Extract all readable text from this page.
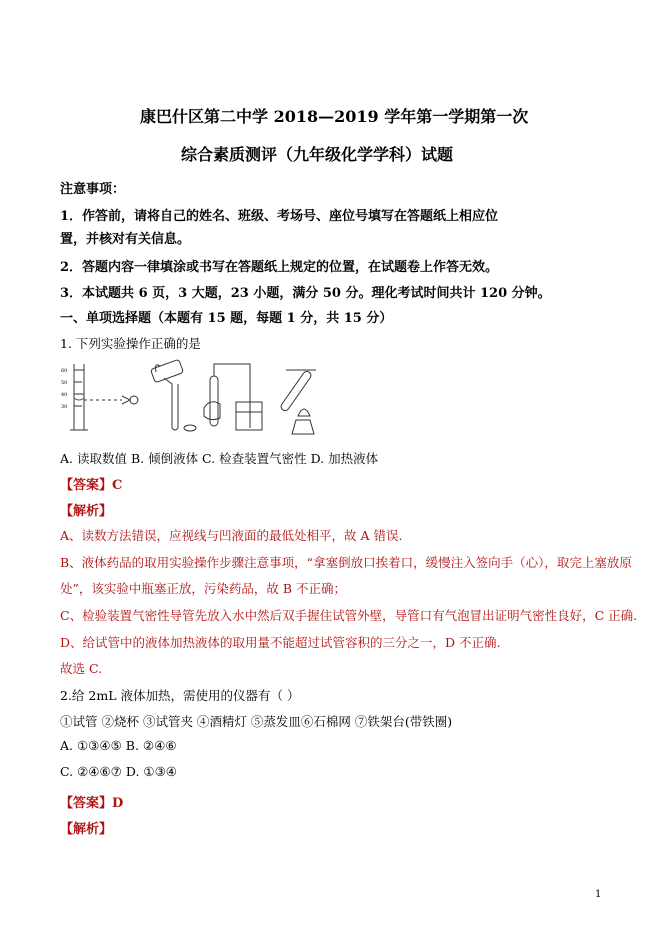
康巴什区第二中学 2018—2019 学年第一学期第一次
综合素质测评（九年级化学学科）试题
注意事项：
1．作答前，请将自己的姓名、班级、考场号、座位号填写在答题纸上相应位
置，并核对有关信息。
2．答题内容一律填涂或书写在答题纸上规定的位置，在试题卷上作答无效。
3．本试题共 6 页，3 大题，23 小题，满分 50 分。理化考试时间共计 120 分钟。
一、单项选择题（本题有 15 题，每题 1 分，共 15 分）
1. 下列实验操作正确的是
60
50
40
30
A. 读取数值 B. 倾倒液体 C. 检查装置气密性 D. 加热液体
【答案】C
【解析】
A、读数方法错误，应视线与凹液面的最低处相平，故 A 错误.
B、液体药品的取用实验操作步骤注意事项，“拿塞倒放口挨着口，缓慢注入签向手（心），取完上塞放原
处”，该实验中瓶塞正放，污染药品，故 B 不正确；
C、检验装置气密性导管先放入水中然后双手握住试管外壁，导管口有气泡冒出证明气密性良好，C 正确.
D、给试管中的液体加热液体的取用量不能超过试管容积的三分之一，D 不正确.
故选 C.
2.给 2mL 液体加热，需使用的仪器有（ ）
①试管 ②烧杯 ③试管夹 ④酒精灯 ⑤蒸发皿⑥石棉网 ⑦铁架台(带铁圈)
A. ①③④⑤ B. ②④⑥
C. ②④⑥⑦ D. ①③④
【答案】D
【解析】
1
